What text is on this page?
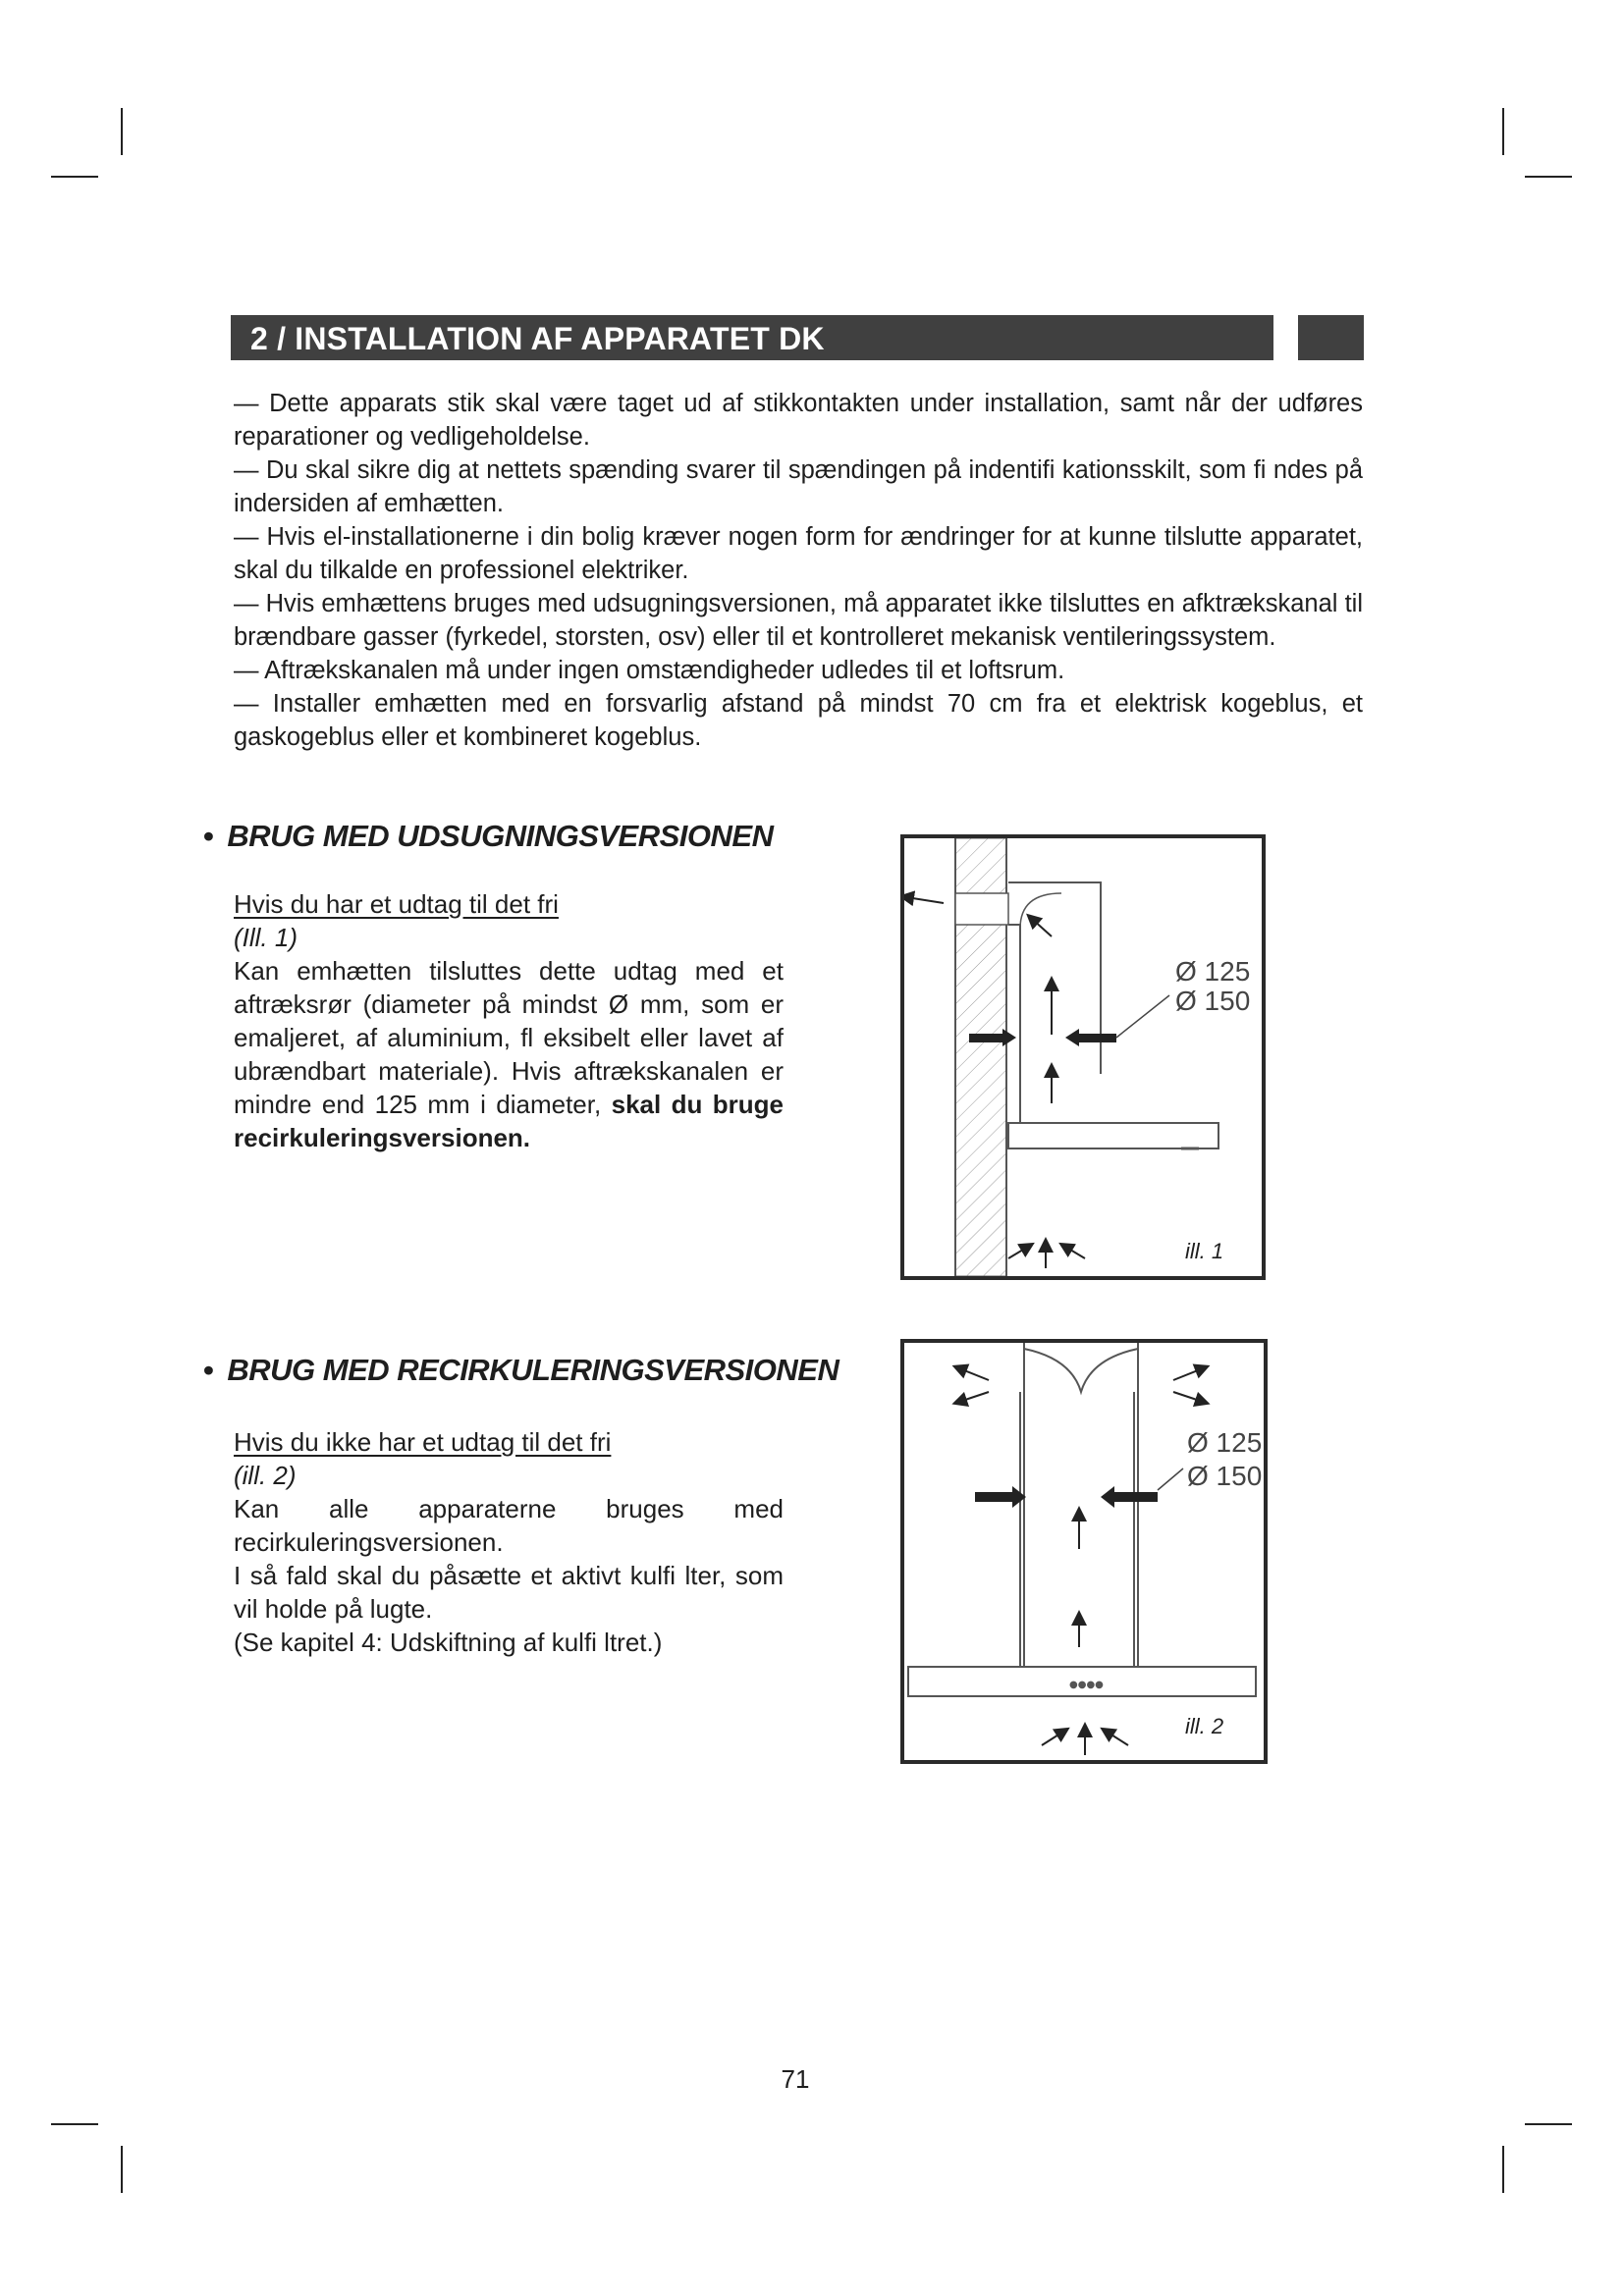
2 / INSTALLATION AF APPARATET DK

— Dette apparats stik skal være taget ud af stikkontakten under installation, samt når der udføres reparationer og vedligeholdelse.

— Du skal sikre dig at nettets spænding svarer til spændingen på indentifi kationsskilt, som fi ndes på indersiden af emhætten.

— Hvis el-installationerne i din bolig kræver nogen form for ændringer for at kunne tilslutte apparatet, skal du tilkalde en professionel elektriker.

— Hvis emhættens bruges med udsugningsversionen, må apparatet ikke tilsluttes en afktrækskanal til brændbare gasser (fyrkedel, storsten, osv) eller til et kontrolleret mekanisk ventileringssystem.

— Aftrækskanalen må under ingen omstændigheder udledes til et loftsrum.

— Installer emhætten med en forsvarlig afstand på mindst 70 cm fra et elektrisk kogeblus, et gaskogeblus eller et kombineret kogeblus.

• BRUG MED UDSUGNINGSVERSIONEN
Hvis du har et udtag til det fri
(Ill. 1)

Kan emhætten tilsluttes dette udtag med et aftræksrør (diameter på mindst Ø mm, som er emaljeret, af aluminium, fl eksibelt eller lavet af ubrændbart materiale). Hvis aftrækskanalen er mindre end 125 mm i diameter, skal du bruge recirkuleringsversionen.

Ø 125
Ø 150
ill. 1
• BRUG MED RECIRKULERINGSVERSIONEN
Hvis du ikke har et udtag til det fri
(ill. 2)

Kan alle apparaterne bruges med recirkuleringsversionen.

I så fald skal du påsætte et aktivt kulfi lter, som vil holde på lugte.

(Se kapitel 4: Udskiftning af kulfi ltret.)

●●●●
Ø 125
Ø 150
ill. 2
71
